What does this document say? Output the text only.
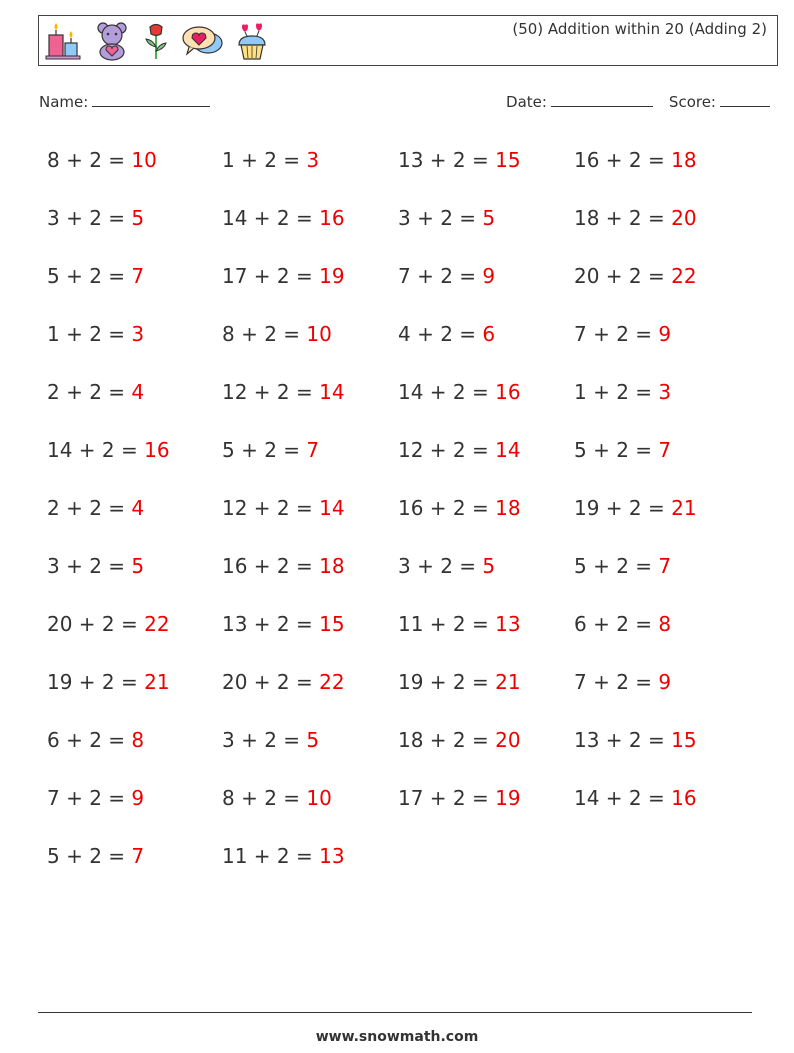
(50) Addition within 20 (Adding 2)
Name:	Date:	Score:
8 + 2 = 10	1 + 2 = 3	13 + 2 = 15	16 + 2 = 18
3 + 2 = 5	14 + 2 = 16	3 + 2 = 5	18 + 2 = 20
5 + 2 = 7	17 + 2 = 19	7 + 2 = 9	20 + 2 = 22
1 + 2 = 3	8 + 2 = 10	4 + 2 = 6	7 + 2 = 9
2 + 2 = 4	12 + 2 = 14	14 + 2 = 16	1 + 2 = 3
14 + 2 = 16	5 + 2 = 7	12 + 2 = 14	5 + 2 = 7
2 + 2 = 4	12 + 2 = 14	16 + 2 = 18	19 + 2 = 21
3 + 2 = 5	16 + 2 = 18	3 + 2 = 5	5 + 2 = 7
20 + 2 = 22	13 + 2 = 15	11 + 2 = 13	6 + 2 = 8
19 + 2 = 21	20 + 2 = 22	19 + 2 = 21	7 + 2 = 9
6 + 2 = 8	3 + 2 = 5	18 + 2 = 20	13 + 2 = 15
7 + 2 = 9	8 + 2 = 10	17 + 2 = 19	14 + 2 = 16
5 + 2 = 7	11 + 2 = 13
www.snowmath.com
